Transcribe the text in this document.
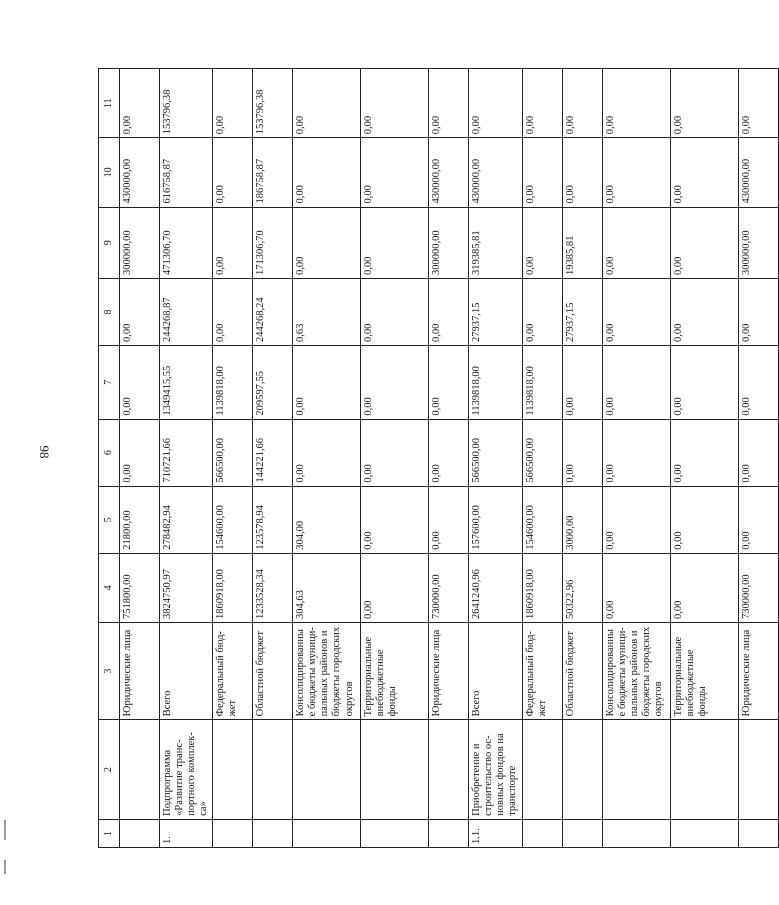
98
1	2	3	4	5	6	7	8	9	10	11
		Юридические лица	751800,00	21800,00	0,00	0,00	0,00	300000,00	430000,00	0,00
1.	Подпрограмма «Развитие транспортного комплекса»	Всего	3824750,97	278482,94	710721,66	1349415,55	244268,87	471306,70	616758,87	153796,38
		Федеральный бюджет	1860918,00	154600,00	566500,00	1139818,00	0,00	0,00	0,00	0,00
		Областной бюджет	1233528,34	123578,94	144221,66	209597,55	244268,24	171306,70	186758,87	153796,38
		Консолидированные бюджеты муниципальных районов и бюджеты городских округов	304,63	304,00	0,00	0,00	0,63	0,00	0,00	0,00
		Территориальные внебюджетные фонды	0,00	0,00	0,00	0,00	0,00	0,00	0,00	0,00
		Юридические лица	730000,00	0,00	0,00	0,00	0,00	300000,00	430000,00	0,00
1.1.	Приобретение и строительство основных фондов на транспорте	Всего	2641240,96	157600,00	566500,00	1139818,00	27937,15	319385,81	430000,00	0,00
		Федеральный бюджет	1860918,00	154600,00	566500,00	1139818,00	0,00	0,00	0,00	0,00
		Областной бюджет	50322,96	3000,00	0,00	0,00	27937,15	19385,81	0,00	0,00
		Консолидированные бюджеты муниципальных районов и бюджеты городских округов	0,00	0,00	0,00	0,00	0,00	0,00	0,00	0,00
		Территориальные внебюджетные фонды	0,00	0,00	0,00	0,00	0,00	0,00	0,00	0,00
		Юридические лица	730000,00	0,00	0,00	0,00	0,00	300000,00	430000,00	0,00
